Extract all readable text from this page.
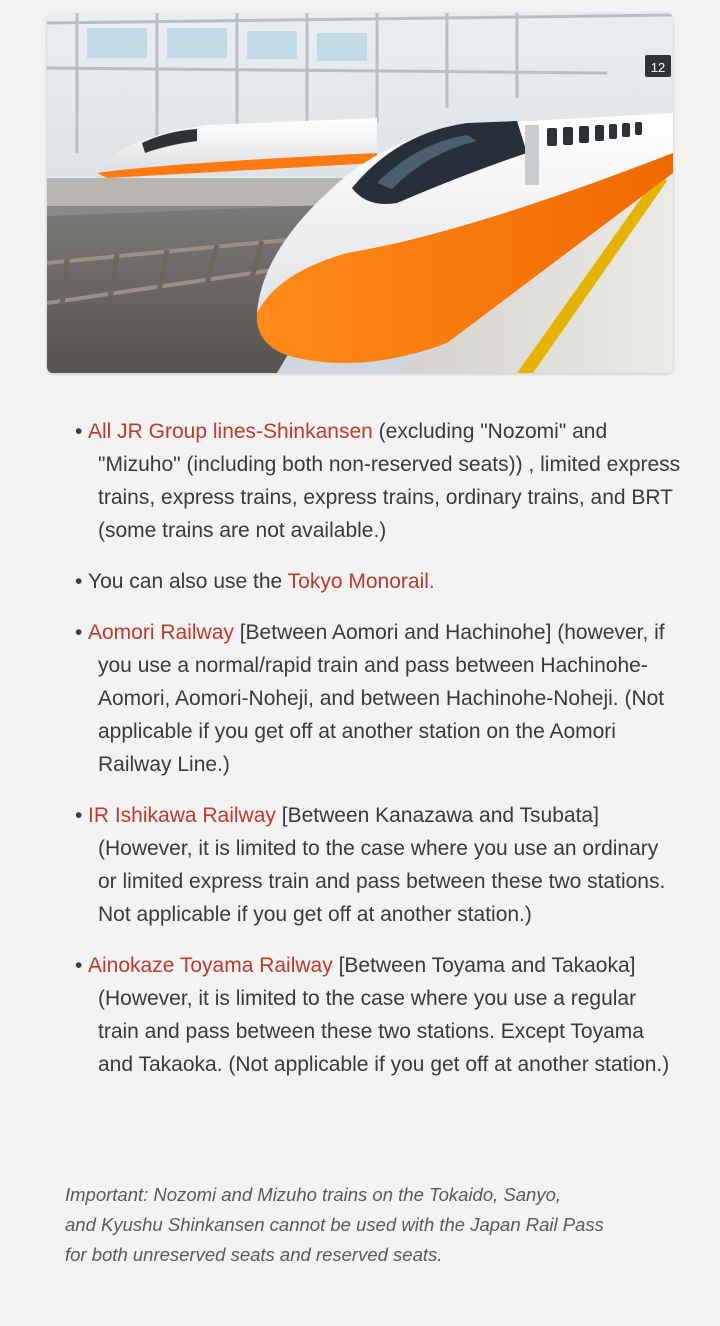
12
• All JR Group lines-Shinkansen (excluding "Nozomi" and "Mizuho" (including both non-reserved seats)) , limited express trains, express trains, express trains, ordinary trains, and BRT (some trains are not available.)
• You can also use the Tokyo Monorail.
• Aomori Railway [Between Aomori and Hachinohe] (however, if you use a normal/rapid train and pass between Hachinohe-Aomori, Aomori-Noheji, and between Hachinohe-Noheji. (Not applicable if you get off at another station on the Aomori Railway Line.)
• IR Ishikawa Railway [Between Kanazawa and Tsubata] (However, it is limited to the case where you use an ordinary or limited express train and pass between these two stations. Not applicable if you get off at another station.)
• Ainokaze Toyama Railway [Between Toyama and Takaoka] (However, it is limited to the case where you use a regular train and pass between these two stations. Except Toyama and Takaoka. (Not applicable if you get off at another station.)

Important: Nozomi and Mizuho trains on the Tokaido, Sanyo,
and Kyushu Shinkansen cannot be used with the Japan Rail Pass
for both unreserved seats and reserved seats.
